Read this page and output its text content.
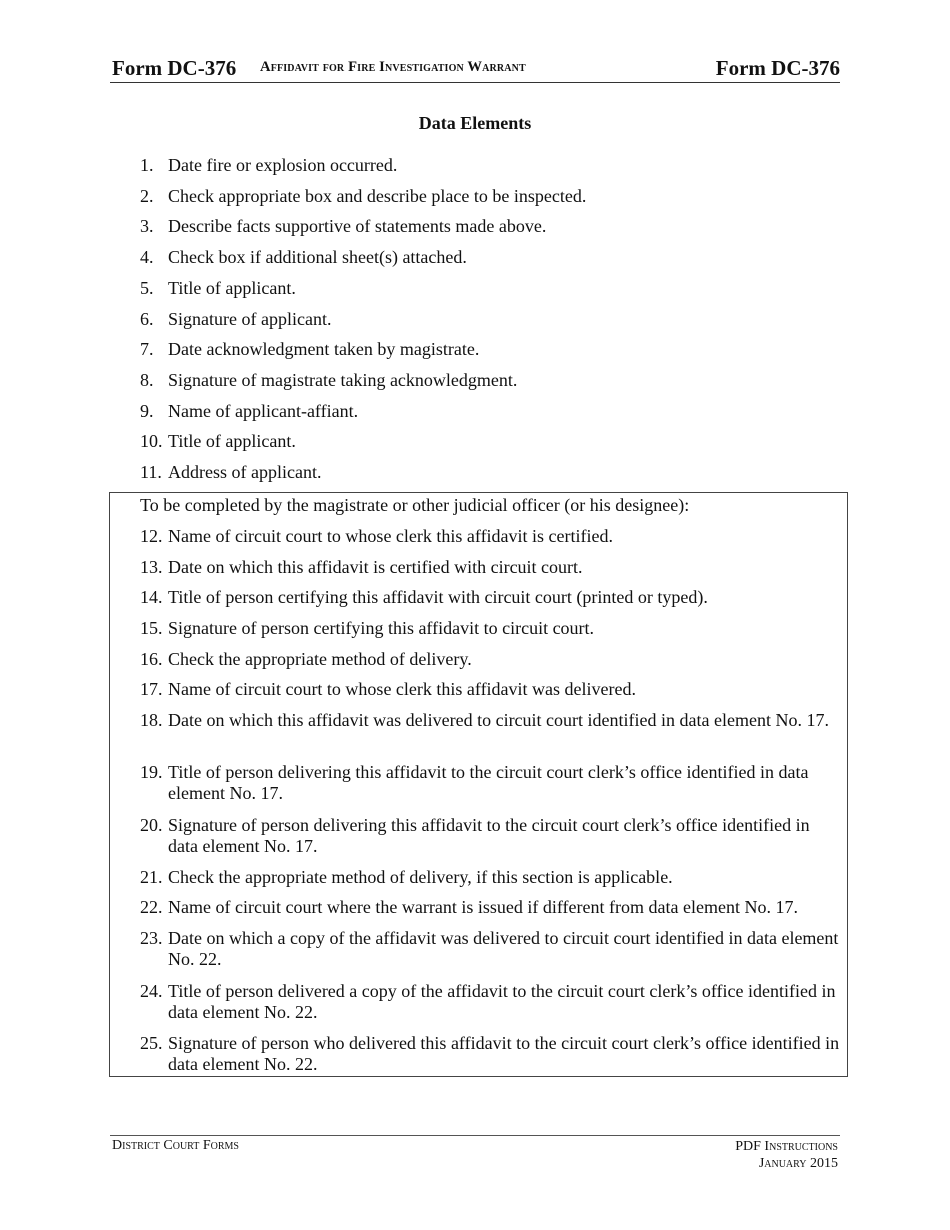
Form DC-376 Affidavit for Fire Investigation Warrant	Form DC-376
Data Elements
1. Date fire or explosion occurred.
2. Check appropriate box and describe place to be inspected.
3. Describe facts supportive of statements made above.
4. Check box if additional sheet(s) attached.
5. Title of applicant.
6. Signature of applicant.
7. Date acknowledgment taken by magistrate.
8. Signature of magistrate taking acknowledgment.
9. Name of applicant-affiant.
10. Title of applicant.
11. Address of applicant.
To be completed by the magistrate or other judicial officer (or his designee):
12. Name of circuit court to whose clerk this affidavit is certified.
13. Date on which this affidavit is certified with circuit court.
14. Title of person certifying this affidavit with circuit court (printed or typed).
15. Signature of person certifying this affidavit to circuit court.
16. Check the appropriate method of delivery.
17. Name of circuit court to whose clerk this affidavit was delivered.
18. Date on which this affidavit was delivered to circuit court identified in data element No. 17.
19. Title of person delivering this affidavit to the circuit court clerk’s office identified in data element No. 17.
20. Signature of person delivering this affidavit to the circuit court clerk’s office identified in data element No. 17.
21. Check the appropriate method of delivery, if this section is applicable.
22. Name of circuit court where the warrant is issued if different from data element No. 17.
23. Date on which a copy of the affidavit was delivered to circuit court identified in data element No. 22.
24. Title of person delivered a copy of the affidavit to the circuit court clerk’s office identified in data element No. 22.
25. Signature of person who delivered this affidavit to the circuit court clerk’s office identified in data element No. 22.
District Court Forms	PDF Instructions
January 2015
